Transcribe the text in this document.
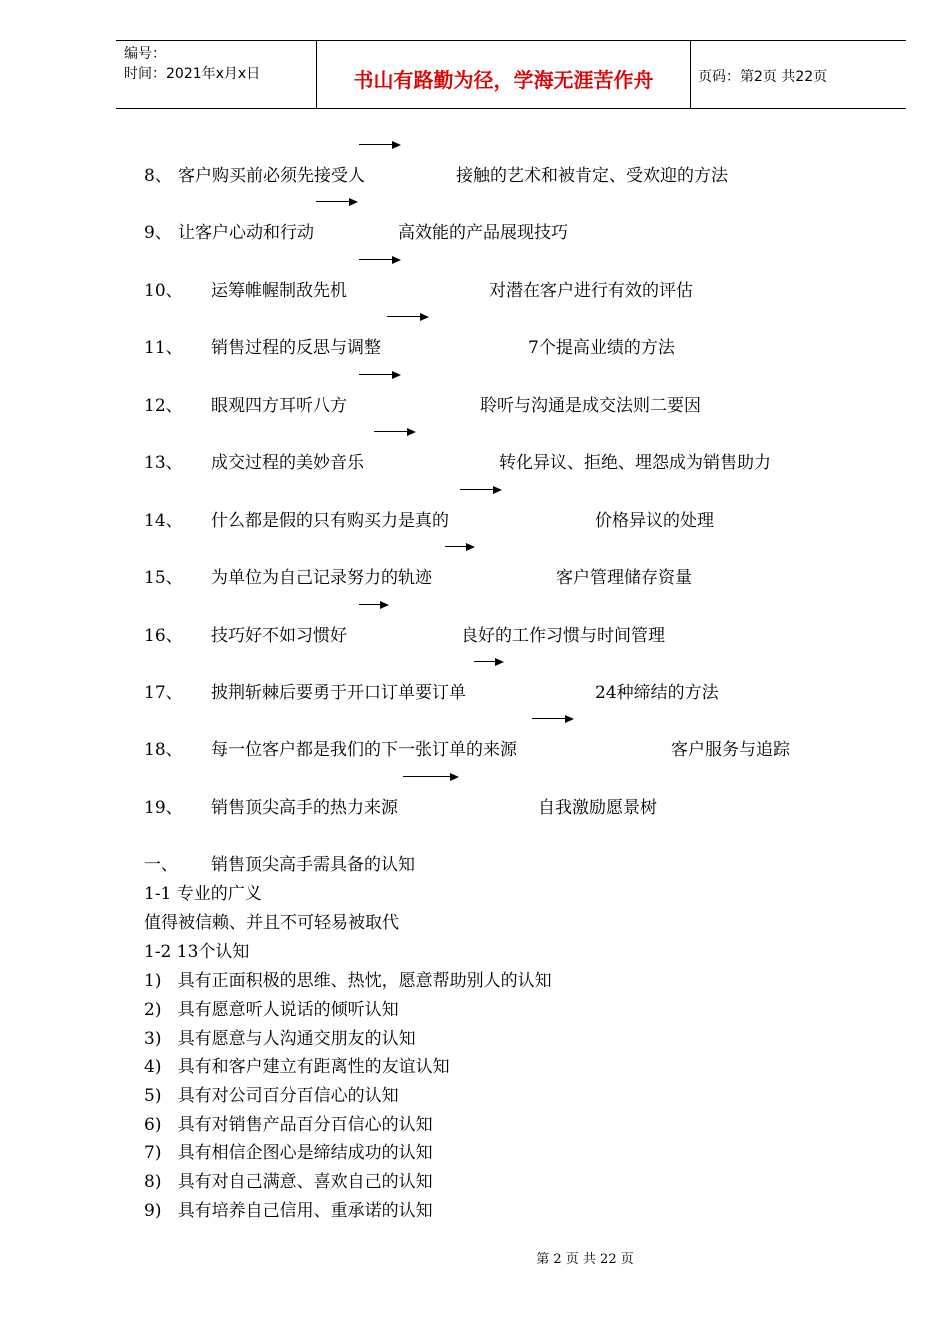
编号：
时间：2021年x月x日	书山有路勤为径，学海无涯苦作舟	页码：第2页 共22页
8、 客户购买前必须先接受人	接触的艺术和被肯定、受欢迎的方法
9、 让客户心动和行动	高效能的产品展现技巧
10、 运筹帷幄制敌先机	对潜在客户进行有效的评估
11、 销售过程的反思与调整	7个提高业绩的方法
12、 眼观四方耳听八方	聆听与沟通是成交法则二要因
13、 成交过程的美妙音乐	转化异议、拒绝、埋怨成为销售助力
14、 什么都是假的只有购买力是真的	价格异议的处理
15、 为单位为自己记录努力的轨迹	客户管理储存资量
16、 技巧好不如习惯好	良好的工作习惯与时间管理
17、 披荆斩棘后要勇于开口订单要订单	24种缔结的方法
18、 每一位客户都是我们的下一张订单的来源	客户服务与追踪
19、 销售顶尖高手的热力来源	自我激励愿景树
一、 销售顶尖高手需具备的认知
1-1 专业的广义
值得被信赖、并且不可轻易被取代
1-2 13个认知
1)   具有正面积极的思维、热忱，愿意帮助别人的认知
2)   具有愿意听人说话的倾听认知
3)   具有愿意与人沟通交朋友的认知
4)   具有和客户建立有距离性的友谊认知
5)   具有对公司百分百信心的认知
6)   具有对销售产品百分百信心的认知
7)   具有相信企图心是缔结成功的认知
8)   具有对自己满意、喜欢自己的认知
9)   具有培养自己信用、重承诺的认知
第 2 页 共 22 页
